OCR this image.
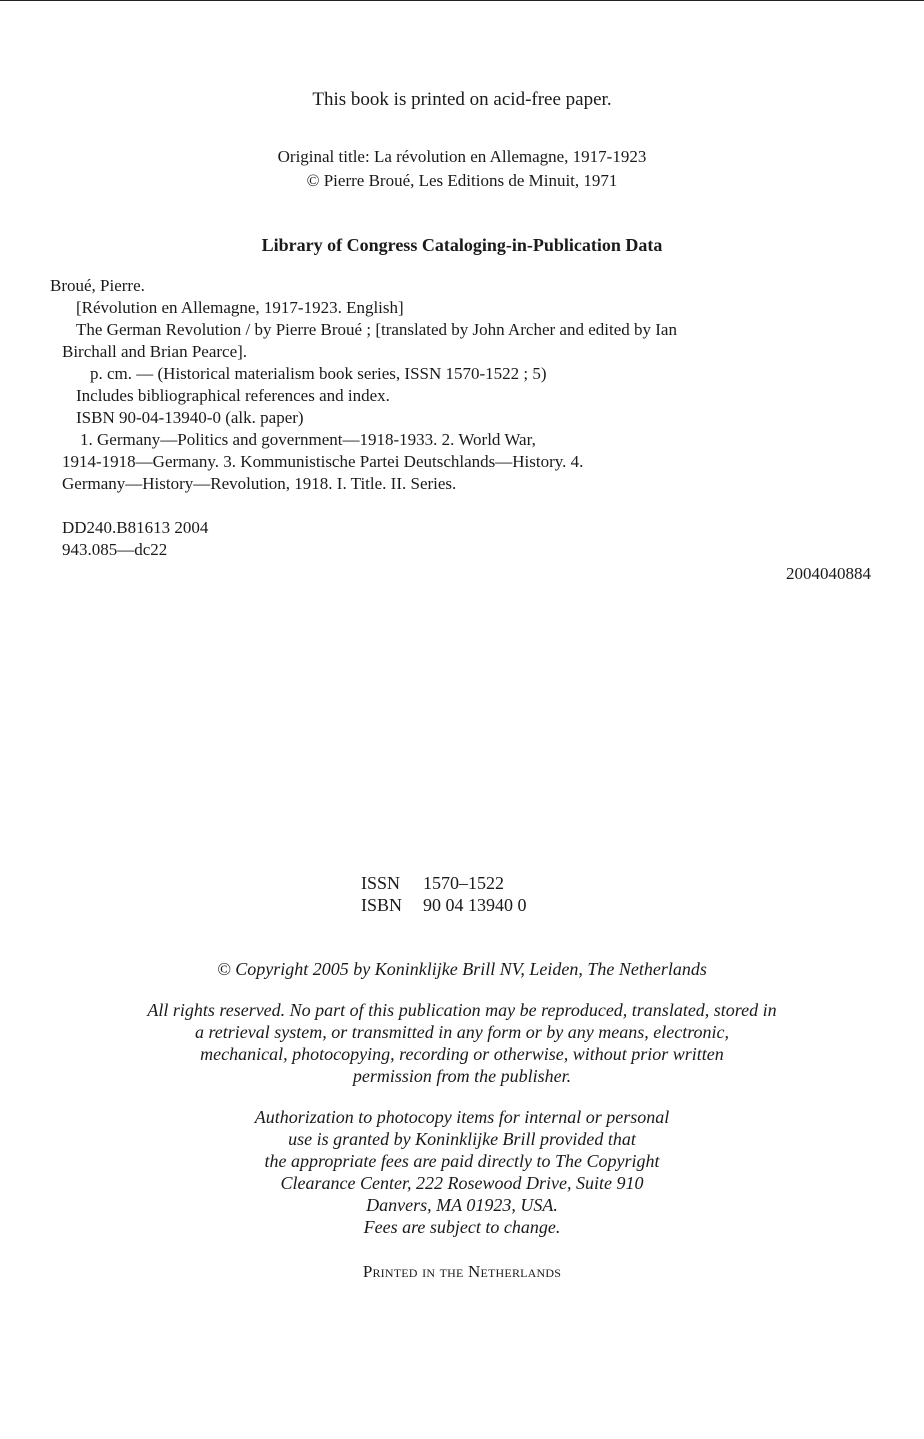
This book is printed on acid-free paper.
Original title: La révolution en Allemagne, 1917-1923
© Pierre Broué, Les Editions de Minuit, 1971
Library of Congress Cataloging-in-Publication Data
Broué, Pierre.
[Révolution en Allemagne, 1917-1923. English]
The German Revolution / by Pierre Broué ; [translated by John Archer and edited by Ian
Birchall and Brian Pearce].
p. cm. — (Historical materialism book series, ISSN 1570-1522 ; 5)
Includes bibliographical references and index.
ISBN 90-04-13940-0 (alk. paper)
1. Germany—Politics and government—1918-1933. 2. World War,
1914-1918—Germany. 3. Kommunistische Partei Deutschlands—History. 4.
Germany—History—Revolution, 1918. I. Title. II. Series.
DD240.B81613 2004
943.085—dc22
2004040884
ISSN 1570–1522
ISBN 90 04 13940 0
© Copyright 2005 by Koninklijke Brill NV, Leiden, The Netherlands
All rights reserved. No part of this publication may be reproduced, translated, stored in
a retrieval system, or transmitted in any form or by any means, electronic,
mechanical, photocopying, recording or otherwise, without prior written
permission from the publisher.
Authorization to photocopy items for internal or personal
use is granted by Koninklijke Brill provided that
the appropriate fees are paid directly to The Copyright
Clearance Center, 222 Rosewood Drive, Suite 910
Danvers, MA 01923, USA.
Fees are subject to change.
Printed in the Netherlands
